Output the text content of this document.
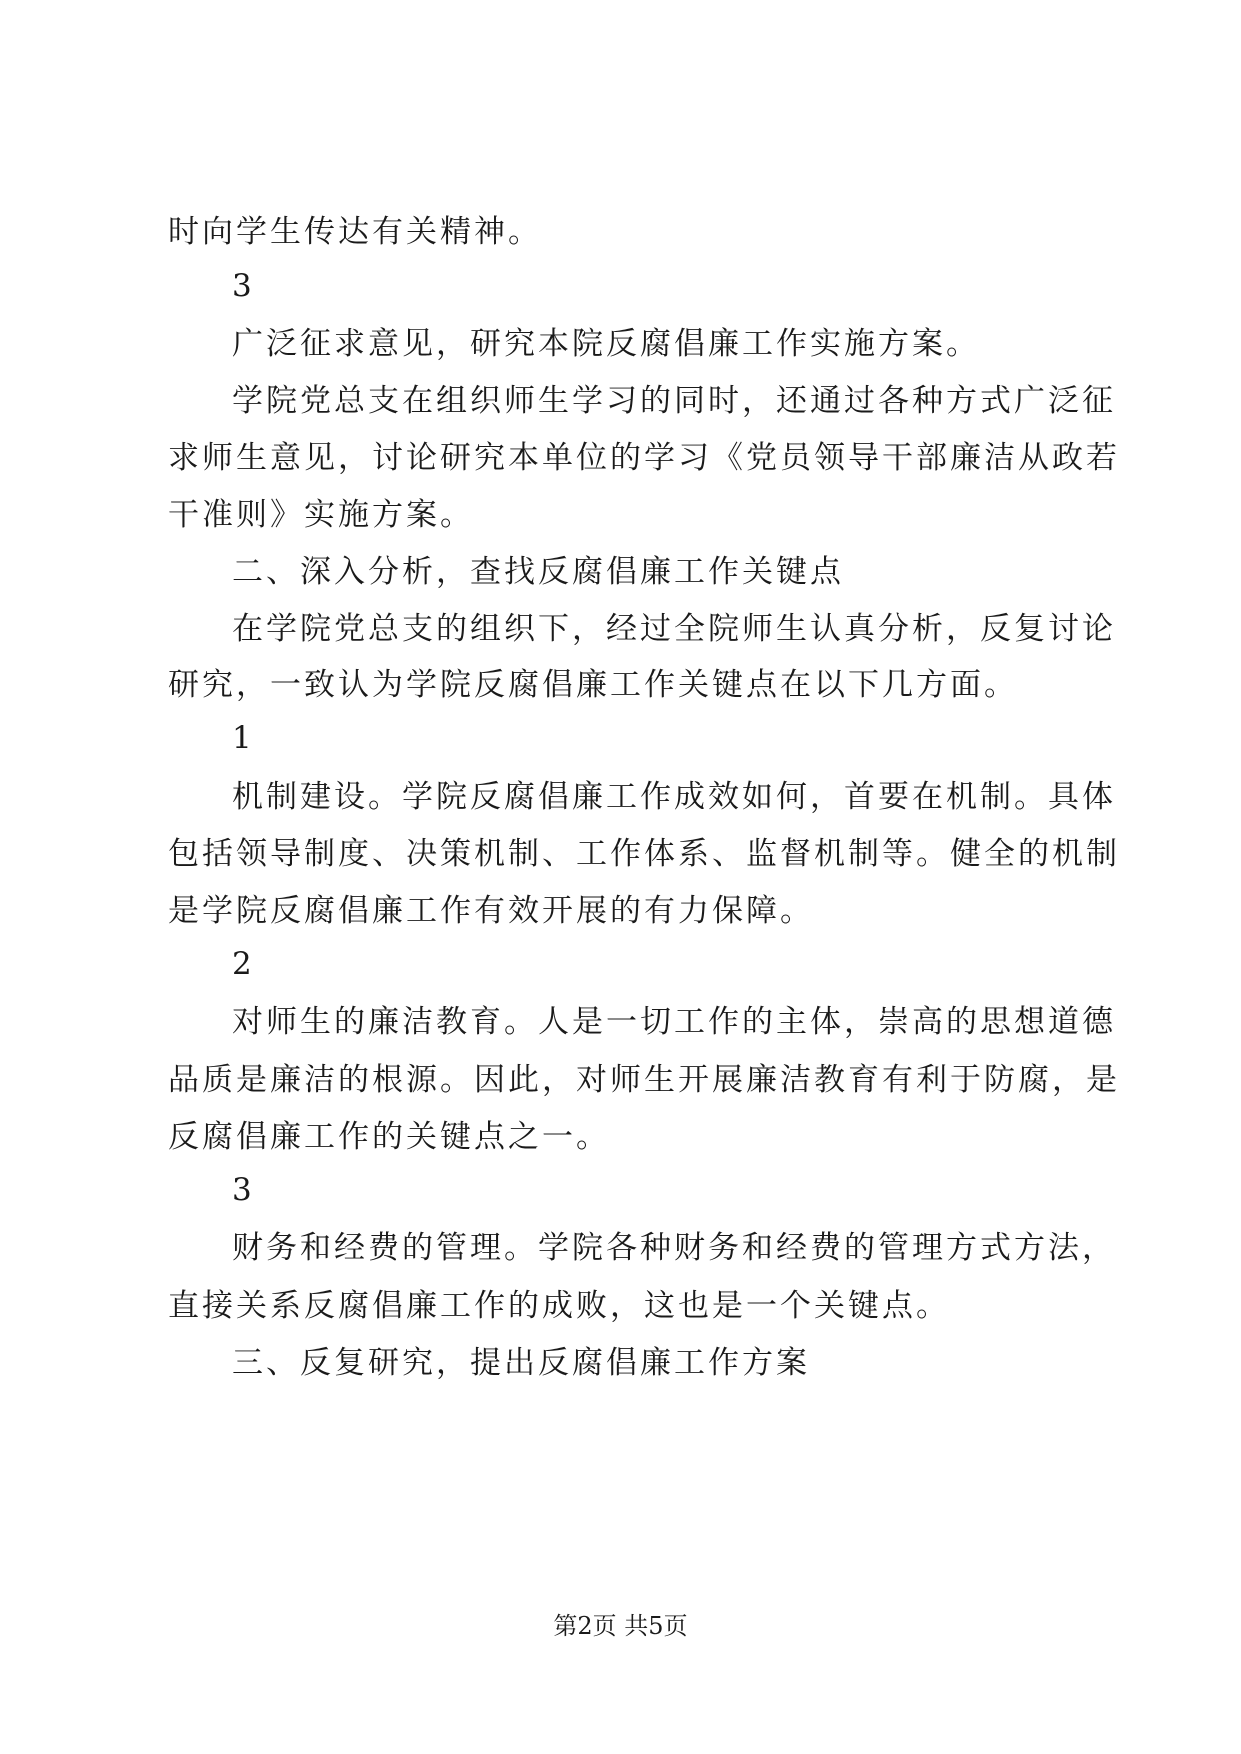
时向学生传达有关精神。
3
广泛征求意见，研究本院反腐倡廉工作实施方案。
学院党总支在组织师生学习的同时，还通过各种方式广泛征
求师生意见，讨论研究本单位的学习《党员领导干部廉洁从政若
干准则》实施方案。
二、深入分析，查找反腐倡廉工作关键点
在学院党总支的组织下，经过全院师生认真分析，反复讨论
研究，一致认为学院反腐倡廉工作关键点在以下几方面。
1
机制建设。学院反腐倡廉工作成效如何，首要在机制。具体
包括领导制度、决策机制、工作体系、监督机制等。健全的机制
是学院反腐倡廉工作有效开展的有力保障。
2
对师生的廉洁教育。人是一切工作的主体，崇高的思想道德
品质是廉洁的根源。因此，对师生开展廉洁教育有利于防腐，是
反腐倡廉工作的关键点之一。
3
财务和经费的管理。学院各种财务和经费的管理方式方法，
直接关系反腐倡廉工作的成败，这也是一个关键点。
三、反复研究，提出反腐倡廉工作方案
第2页 共5页
